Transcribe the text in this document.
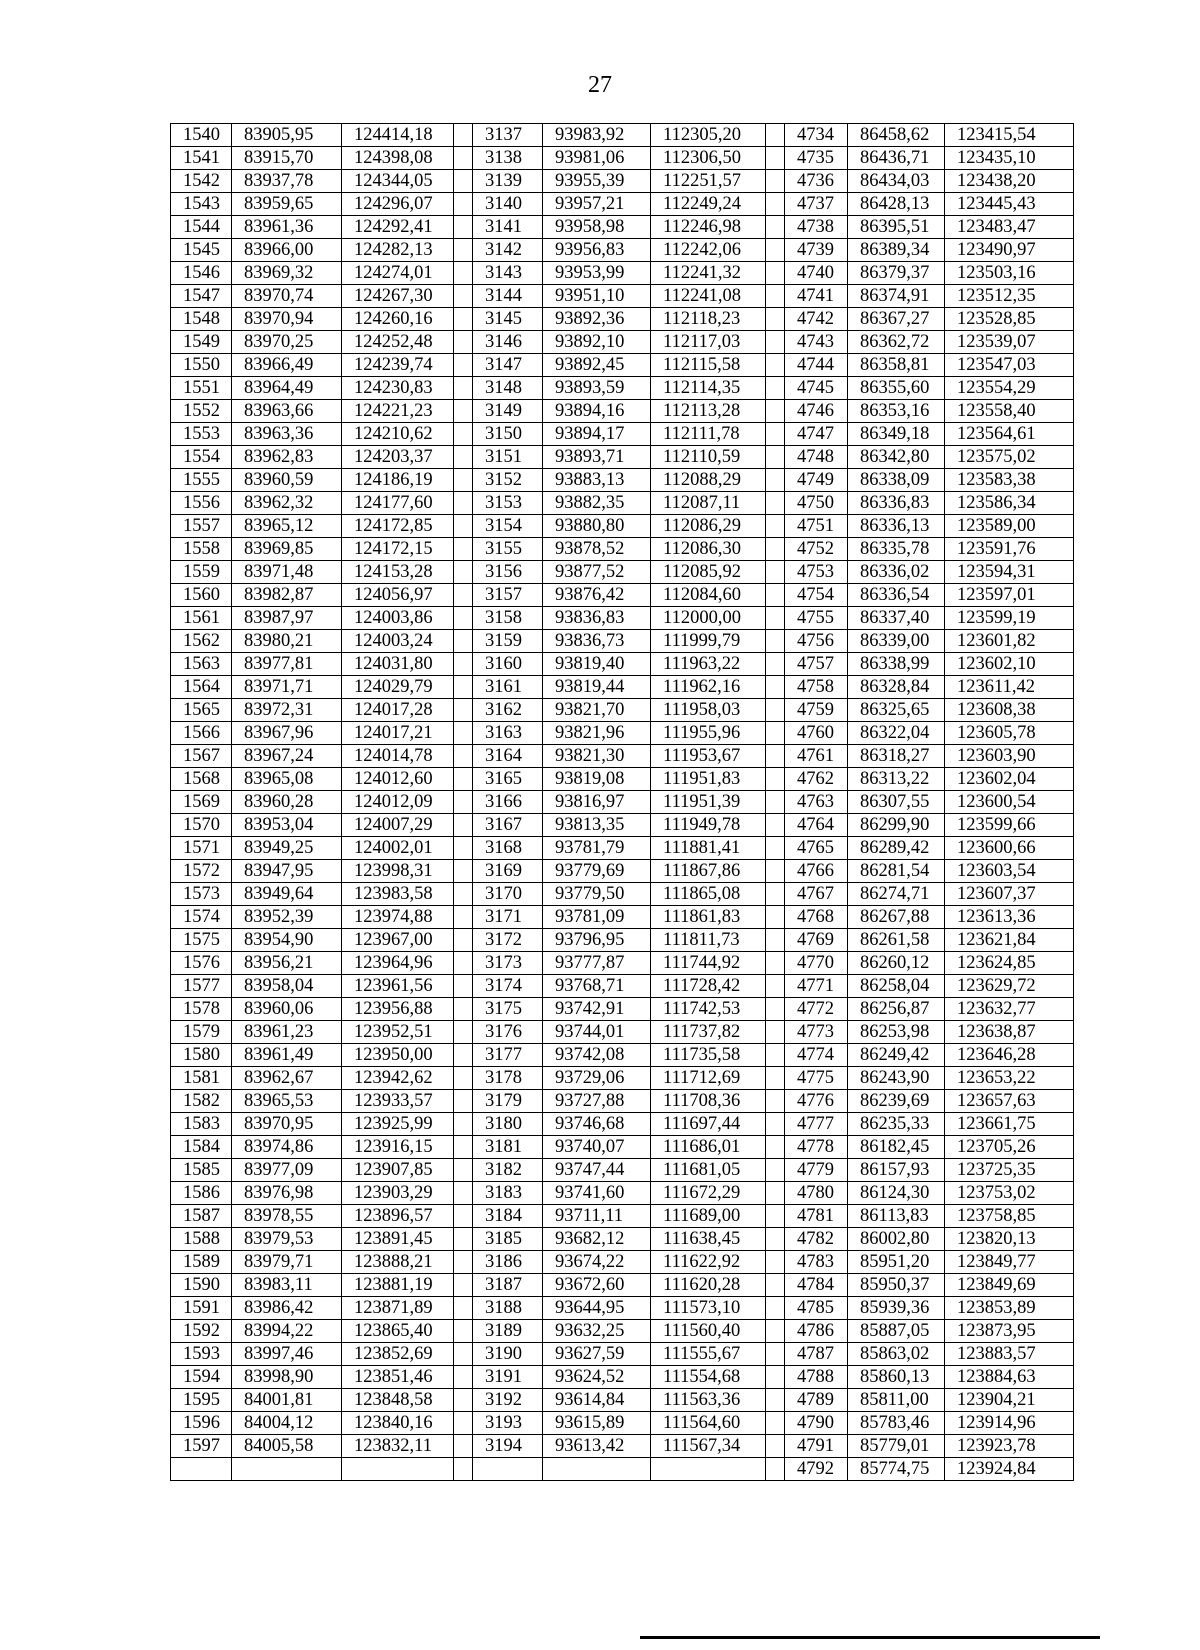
27
1540	83905,95	124414,18		3137	93983,92	112305,20		4734	86458,62	123415,54
1541	83915,70	124398,08		3138	93981,06	112306,50		4735	86436,71	123435,10
1542	83937,78	124344,05		3139	93955,39	112251,57		4736	86434,03	123438,20
1543	83959,65	124296,07		3140	93957,21	112249,24		4737	86428,13	123445,43
1544	83961,36	124292,41		3141	93958,98	112246,98		4738	86395,51	123483,47
1545	83966,00	124282,13		3142	93956,83	112242,06		4739	86389,34	123490,97
1546	83969,32	124274,01		3143	93953,99	112241,32		4740	86379,37	123503,16
1547	83970,74	124267,30		3144	93951,10	112241,08		4741	86374,91	123512,35
1548	83970,94	124260,16		3145	93892,36	112118,23		4742	86367,27	123528,85
1549	83970,25	124252,48		3146	93892,10	112117,03		4743	86362,72	123539,07
1550	83966,49	124239,74		3147	93892,45	112115,58		4744	86358,81	123547,03
1551	83964,49	124230,83		3148	93893,59	112114,35		4745	86355,60	123554,29
1552	83963,66	124221,23		3149	93894,16	112113,28		4746	86353,16	123558,40
1553	83963,36	124210,62		3150	93894,17	112111,78		4747	86349,18	123564,61
1554	83962,83	124203,37		3151	93893,71	112110,59		4748	86342,80	123575,02
1555	83960,59	124186,19		3152	93883,13	112088,29		4749	86338,09	123583,38
1556	83962,32	124177,60		3153	93882,35	112087,11		4750	86336,83	123586,34
1557	83965,12	124172,85		3154	93880,80	112086,29		4751	86336,13	123589,00
1558	83969,85	124172,15		3155	93878,52	112086,30		4752	86335,78	123591,76
1559	83971,48	124153,28		3156	93877,52	112085,92		4753	86336,02	123594,31
1560	83982,87	124056,97		3157	93876,42	112084,60		4754	86336,54	123597,01
1561	83987,97	124003,86		3158	93836,83	112000,00		4755	86337,40	123599,19
1562	83980,21	124003,24		3159	93836,73	111999,79		4756	86339,00	123601,82
1563	83977,81	124031,80		3160	93819,40	111963,22		4757	86338,99	123602,10
1564	83971,71	124029,79		3161	93819,44	111962,16		4758	86328,84	123611,42
1565	83972,31	124017,28		3162	93821,70	111958,03		4759	86325,65	123608,38
1566	83967,96	124017,21		3163	93821,96	111955,96		4760	86322,04	123605,78
1567	83967,24	124014,78		3164	93821,30	111953,67		4761	86318,27	123603,90
1568	83965,08	124012,60		3165	93819,08	111951,83		4762	86313,22	123602,04
1569	83960,28	124012,09		3166	93816,97	111951,39		4763	86307,55	123600,54
1570	83953,04	124007,29		3167	93813,35	111949,78		4764	86299,90	123599,66
1571	83949,25	124002,01		3168	93781,79	111881,41		4765	86289,42	123600,66
1572	83947,95	123998,31		3169	93779,69	111867,86		4766	86281,54	123603,54
1573	83949,64	123983,58		3170	93779,50	111865,08		4767	86274,71	123607,37
1574	83952,39	123974,88		3171	93781,09	111861,83		4768	86267,88	123613,36
1575	83954,90	123967,00		3172	93796,95	111811,73		4769	86261,58	123621,84
1576	83956,21	123964,96		3173	93777,87	111744,92		4770	86260,12	123624,85
1577	83958,04	123961,56		3174	93768,71	111728,42		4771	86258,04	123629,72
1578	83960,06	123956,88		3175	93742,91	111742,53		4772	86256,87	123632,77
1579	83961,23	123952,51		3176	93744,01	111737,82		4773	86253,98	123638,87
1580	83961,49	123950,00		3177	93742,08	111735,58		4774	86249,42	123646,28
1581	83962,67	123942,62		3178	93729,06	111712,69		4775	86243,90	123653,22
1582	83965,53	123933,57		3179	93727,88	111708,36		4776	86239,69	123657,63
1583	83970,95	123925,99		3180	93746,68	111697,44		4777	86235,33	123661,75
1584	83974,86	123916,15		3181	93740,07	111686,01		4778	86182,45	123705,26
1585	83977,09	123907,85		3182	93747,44	111681,05		4779	86157,93	123725,35
1586	83976,98	123903,29		3183	93741,60	111672,29		4780	86124,30	123753,02
1587	83978,55	123896,57		3184	93711,11	111689,00		4781	86113,83	123758,85
1588	83979,53	123891,45		3185	93682,12	111638,45		4782	86002,80	123820,13
1589	83979,71	123888,21		3186	93674,22	111622,92		4783	85951,20	123849,77
1590	83983,11	123881,19		3187	93672,60	111620,28		4784	85950,37	123849,69
1591	83986,42	123871,89		3188	93644,95	111573,10		4785	85939,36	123853,89
1592	83994,22	123865,40		3189	93632,25	111560,40		4786	85887,05	123873,95
1593	83997,46	123852,69		3190	93627,59	111555,67		4787	85863,02	123883,57
1594	83998,90	123851,46		3191	93624,52	111554,68		4788	85860,13	123884,63
1595	84001,81	123848,58		3192	93614,84	111563,36		4789	85811,00	123904,21
1596	84004,12	123840,16		3193	93615,89	111564,60		4790	85783,46	123914,96
1597	84005,58	123832,11		3194	93613,42	111567,34		4791	85779,01	123923,78
								4792	85774,75	123924,84
